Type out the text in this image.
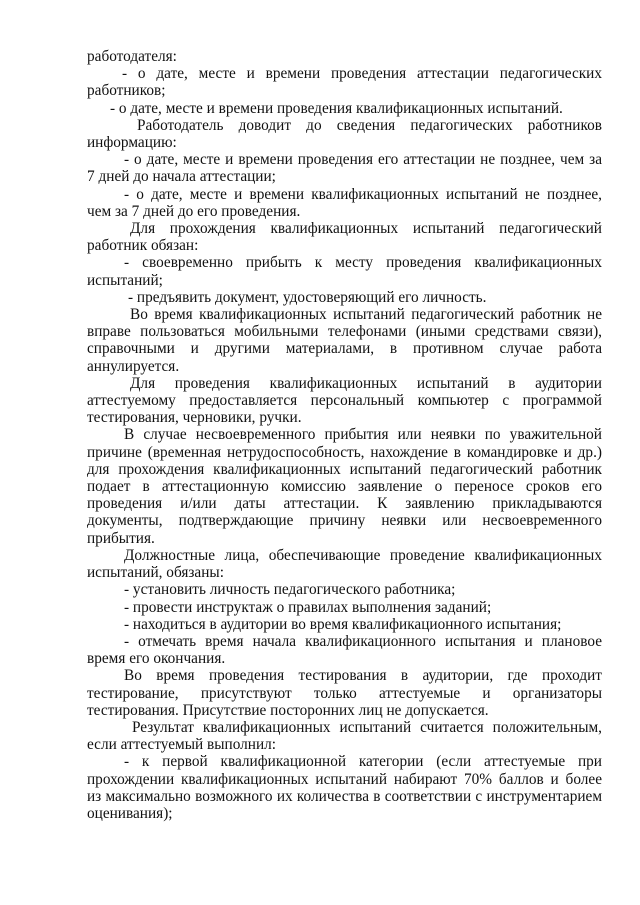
работодателя:

- о дате, месте и времени проведения аттестации педагогических

работников;

- о дате, месте и времени проведения квалификационных испытаний.

Работодатель доводит до сведения педагогических работников

информацию:

- о дате, месте и времени проведения его аттестации не позднее, чем за

7 дней до начала аттестации;

- о дате, месте и времени квалификационных испытаний не позднее,

чем за 7 дней до его проведения.

Для прохождения квалификационных испытаний педагогический

работник обязан:

- своевременно прибыть к месту проведения квалификационных

испытаний;

- предъявить документ, удостоверяющий его личность.

Во время квалификационных испытаний педагогический работник не

вправе пользоваться мобильными телефонами (иными средствами связи),

справочными и другими материалами, в противном случае работа

аннулируется.

Для проведения квалификационных испытаний в аудитории

аттестуемому предоставляется персональный компьютер с программой

тестирования, черновики, ручки.

В случае несвоевременного прибытия или неявки по уважительной

причине (временная нетрудоспособность, нахождение в командировке и др.)

для прохождения квалификационных испытаний педагогический работник

подает в аттестационную комиссию заявление о переносе сроков его

проведения и/или даты аттестации. К заявлению прикладываются

документы, подтверждающие причину неявки или несвоевременного

прибытия.

Должностные лица, обеспечивающие проведение квалификационных

испытаний, обязаны:

- установить личность педагогического работника;

- провести инструктаж о правилах выполнения заданий;

- находиться в аудитории во время квалификационного испытания;

- отмечать время начала квалификационного испытания и плановое

время его окончания.

Во время проведения тестирования в аудитории, где проходит

тестирование, присутствуют только аттестуемые и организаторы

тестирования. Присутствие посторонних лиц не допускается.

Результат квалификационных испытаний считается положительным,

если аттестуемый выполнил:

- к первой квалификационной категории (если аттестуемые при

прохождении квалификационных испытаний набирают 70% баллов и более

из максимально возможного их количества в соответствии с инструментарием

оценивания);
